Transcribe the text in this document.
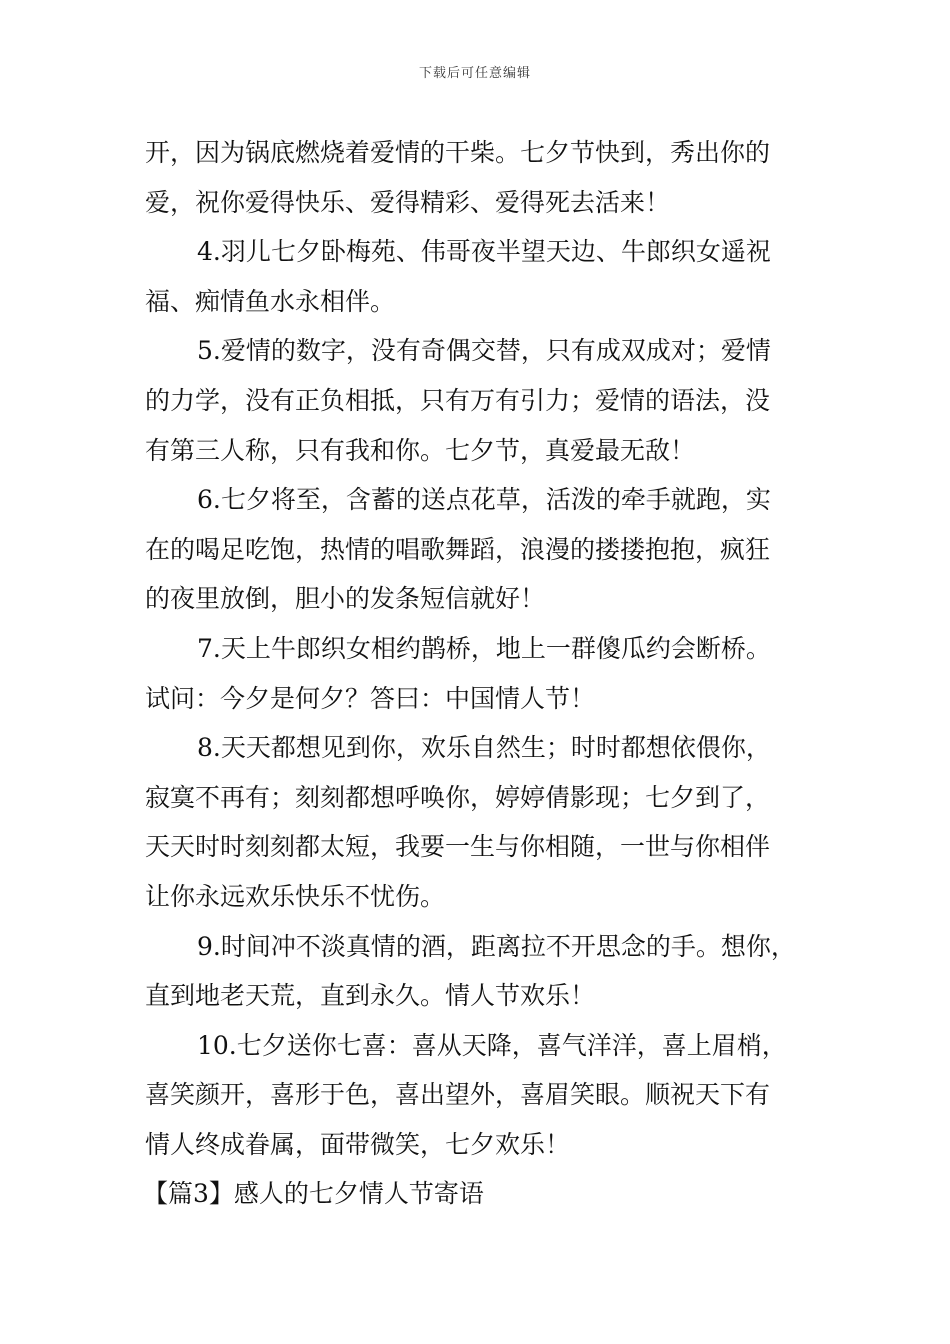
下载后可任意编辑
开，因为锅底燃烧着爱情的干柴。七夕节快到，秀出你的
爱，祝你爱得快乐、爱得精彩、爱得死去活来！
4.羽儿七夕卧梅苑、伟哥夜半望天边、牛郎织女遥祝
福、痴情鱼水永相伴。
5.爱情的数字，没有奇偶交替，只有成双成对；爱情
的力学，没有正负相抵，只有万有引力；爱情的语法，没
有第三人称，只有我和你。七夕节，真爱最无敌！
6.七夕将至，含蓄的送点花草，活泼的牵手就跑，实
在的喝足吃饱，热情的唱歌舞蹈，浪漫的搂搂抱抱，疯狂
的夜里放倒，胆小的发条短信就好！
7.天上牛郎织女相约鹊桥，地上一群傻瓜约会断桥。
试问：今夕是何夕？答曰：中国情人节！
8.天天都想见到你，欢乐自然生；时时都想依偎你，
寂寞不再有；刻刻都想呼唤你，婷婷倩影现；七夕到了，
天天时时刻刻都太短，我要一生与你相随，一世与你相伴
让你永远欢乐快乐不忧伤。
9.时间冲不淡真情的酒，距离拉不开思念的手。想你，
直到地老天荒，直到永久。情人节欢乐！
10.七夕送你七喜：喜从天降，喜气洋洋，喜上眉梢，
喜笑颜开，喜形于色，喜出望外，喜眉笑眼。顺祝天下有
情人终成眷属，面带微笑，七夕欢乐！
【篇3】感人的七夕情人节寄语
